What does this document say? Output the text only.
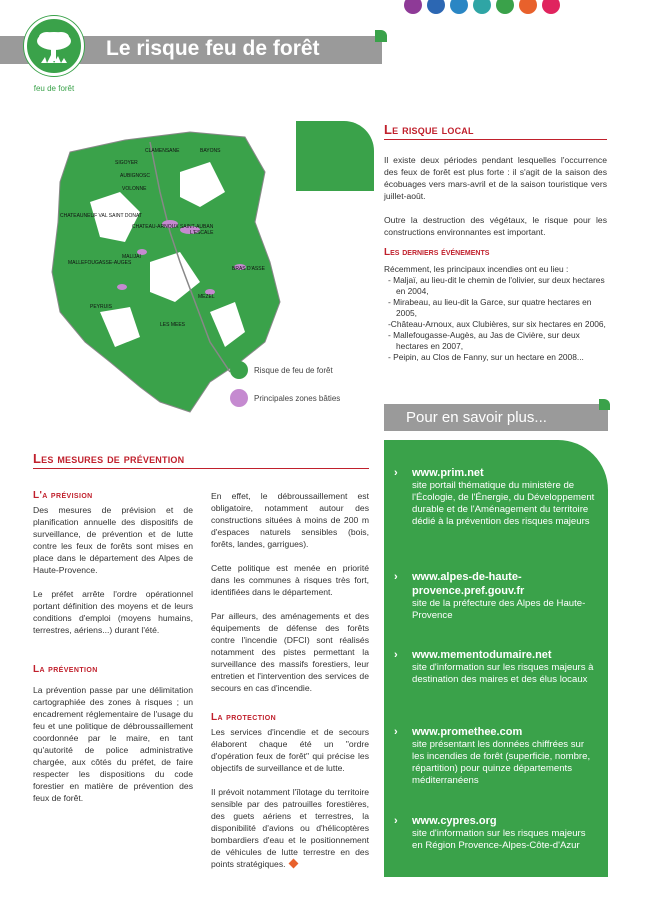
Le risque feu de forêt
feu de forêt
SIGOYER
CLAMENSANE	BAYONS
CHATEAUNEUF VAL SAINT DONAT
CHATEAU-ARNOUX SAINT-AUBAN
L'ESCALE
MALLEFOUGASSE-AUGES
MALIJAI
PEYRUIS
BRAS D'ASSE
LES MEES
MEZEL
VOLONNE
AUBIGNOSC
Risque de feu de forêt
Principales zones bâties
Le risque local

Il existe deux périodes pendant lesquelles l'occurrence des feux de forêt est plus forte : il s'agit de la saison des écobuages vers mars-avril et de la saison touristique vers juillet-août.

Outre la destruction des végétaux, le risque pour les constructions environnantes est important.

Les derniers événements
Récemment, les principaux incendies ont eu lieu :
- Maljaï, au lieu-dit le chemin de l'olivier, sur deux hectares en 2004,
- Mirabeau, au lieu-dit la Garce, sur quatre hectares en 2005,
-Château-Arnoux, aux Clubières, sur six hectares en 2006,
- Mallefougasse-Augès, au Jas de Civière, sur deux hectares en 2007,
- Peipin, au Clos de Fanny, sur un hectare en 2008...
Pour en savoir plus...
› www.prim.net
site portail thématique du ministère de l'Écologie, de l'Énergie, du Développement durable et de l'Aménagement du territoire dédié à la prévention des risques majeurs
› www.alpes-de-haute-provence.pref.gouv.fr
site de la préfecture des Alpes de Haute-Provence
› www.mementodumaire.net
site d'information sur les risques majeurs à destination des maires et des élus locaux
› www.promethee.com
site présentant les données chiffrées sur les incendies de forêt (superficie, nombre, répartition) pour quinze départements méditerranéens
› www.cypres.org
site d'information sur les risques majeurs en Région Provence-Alpes-Côte-d'Azur
Les mesures de prévention
L'a prévision

Des mesures de prévision et de planification annuelle des dispositifs de surveillance, de prévention et de lutte contre les feux de forêts sont mises en place dans le département des Alpes de Haute-Provence.

Le préfet arrête l'ordre opérationnel portant définition des moyens et de leurs conditions d'emploi (moyens humains, terrestres, aériens...) durant l'été.

La prévention

La prévention passe par une délimitation cartographiée des zones à risques ; un encadrement réglementaire de l'usage du feu et une politique de débroussaillement coordonnée par le maire, en tant qu'autorité de police administrative chargée, aux côtés du préfet, de faire respecter les dispositions du code forestier en matière de prévention des feux de forêt.

En effet, le débroussaillement est obligatoire, notamment autour des constructions situées à moins de 200 m d'espaces naturels sensibles (bois, forêts, landes, garrigues).

Cette politique est menée en priorité dans les communes à risques très fort, identifiées dans le département.

Par ailleurs, des aménagements et des équipements de défense des forêts contre l'incendie (DFCI) sont réalisés notamment des pistes permettant la surveillance des massifs forestiers, leur entretien et l'intervention des services de secours en cas d'incendie.

La protection

Les services d'incendie et de secours élaborent chaque été un "ordre d'opération feux de forêt" qui précise les objectifs de surveillance et de lutte.

Il prévoit notamment l'îlotage du territoire sensible par des patrouilles forestières, des guets aériens et terrestres, la disponibilité d'avions ou d'hélicoptères bombardiers d'eau et le positionnement de véhicules de lutte terrestre en des points stratégiques.
